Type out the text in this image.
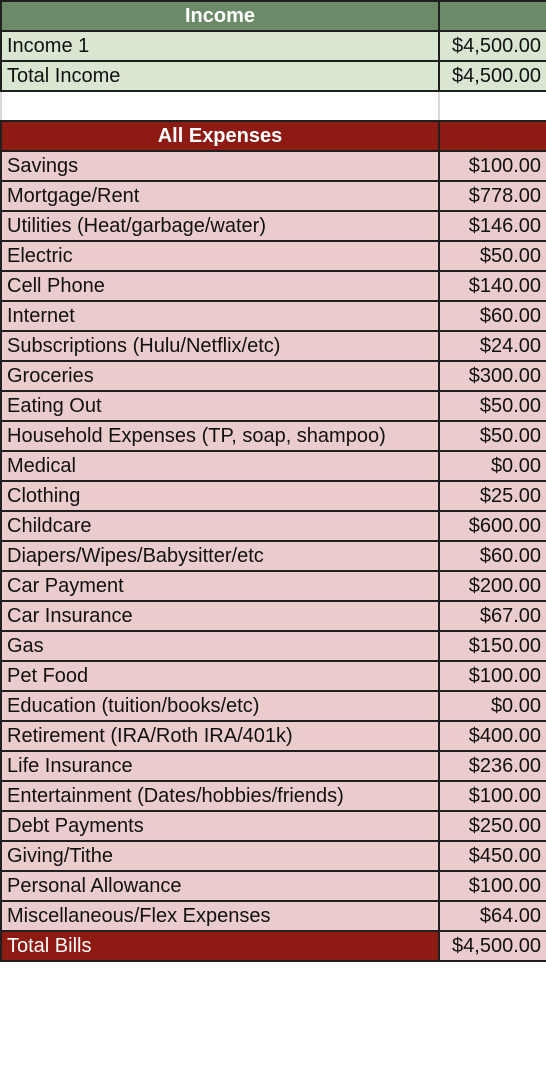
Income	
Income 1	$4,500.00
Total Income	$4,500.00

All Expenses	
Savings	$100.00
Mortgage/Rent	$778.00
Utilities (Heat/garbage/water)	$146.00
Electric	$50.00
Cell Phone	$140.00
Internet	$60.00
Subscriptions (Hulu/Netflix/etc)	$24.00
Groceries	$300.00
Eating Out	$50.00
Household Expenses (TP, soap, shampoo)	$50.00
Medical	$0.00
Clothing	$25.00
Childcare	$600.00
Diapers/Wipes/Babysitter/etc	$60.00
Car Payment	$200.00
Car Insurance	$67.00
Gas	$150.00
Pet Food	$100.00
Education (tuition/books/etc)	$0.00
Retirement (IRA/Roth IRA/401k)	$400.00
Life Insurance	$236.00
Entertainment (Dates/hobbies/friends)	$100.00
Debt Payments	$250.00
Giving/Tithe	$450.00
Personal Allowance	$100.00
Miscellaneous/Flex Expenses	$64.00
Total Bills	$4,500.00
